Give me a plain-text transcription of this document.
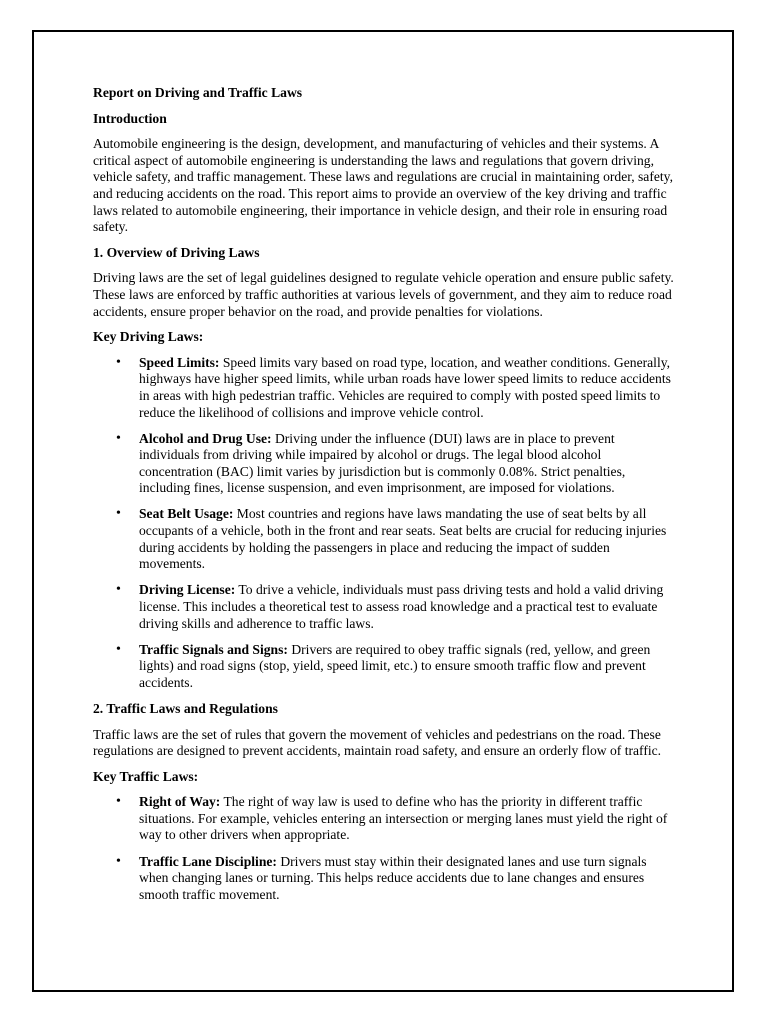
Report on Driving and Traffic Laws

Introduction

Automobile engineering is the design, development, and manufacturing of vehicles and their systems. A critical aspect of automobile engineering is understanding the laws and regulations that govern driving, vehicle safety, and traffic management. These laws and regulations are crucial in maintaining order, safety, and reducing accidents on the road. This report aims to provide an overview of the key driving and traffic laws related to automobile engineering, their importance in vehicle design, and their role in ensuring road safety.

1. Overview of Driving Laws

Driving laws are the set of legal guidelines designed to regulate vehicle operation and ensure public safety. These laws are enforced by traffic authorities at various levels of government, and they aim to reduce road accidents, ensure proper behavior on the road, and provide penalties for violations.

Key Driving Laws:

• Speed Limits: Speed limits vary based on road type, location, and weather conditions. Generally, highways have higher speed limits, while urban roads have lower speed limits to reduce accidents in areas with high pedestrian traffic. Vehicles are required to comply with posted speed limits to reduce the likelihood of collisions and improve vehicle control.
• Alcohol and Drug Use: Driving under the influence (DUI) laws are in place to prevent individuals from driving while impaired by alcohol or drugs. The legal blood alcohol concentration (BAC) limit varies by jurisdiction but is commonly 0.08%. Strict penalties, including fines, license suspension, and even imprisonment, are imposed for violations.
• Seat Belt Usage: Most countries and regions have laws mandating the use of seat belts by all occupants of a vehicle, both in the front and rear seats. Seat belts are crucial for reducing injuries during accidents by holding the passengers in place and reducing the impact of sudden movements.
• Driving License: To drive a vehicle, individuals must pass driving tests and hold a valid driving license. This includes a theoretical test to assess road knowledge and a practical test to evaluate driving skills and adherence to traffic laws.
• Traffic Signals and Signs: Drivers are required to obey traffic signals (red, yellow, and green lights) and road signs (stop, yield, speed limit, etc.) to ensure smooth traffic flow and prevent accidents.

2. Traffic Laws and Regulations

Traffic laws are the set of rules that govern the movement of vehicles and pedestrians on the road. These regulations are designed to prevent accidents, maintain road safety, and ensure an orderly flow of traffic.

Key Traffic Laws:

• Right of Way: The right of way law is used to define who has the priority in different traffic situations. For example, vehicles entering an intersection or merging lanes must yield the right of way to other drivers when appropriate.
• Traffic Lane Discipline: Drivers must stay within their designated lanes and use turn signals when changing lanes or turning. This helps reduce accidents due to lane changes and ensures smooth traffic movement.
